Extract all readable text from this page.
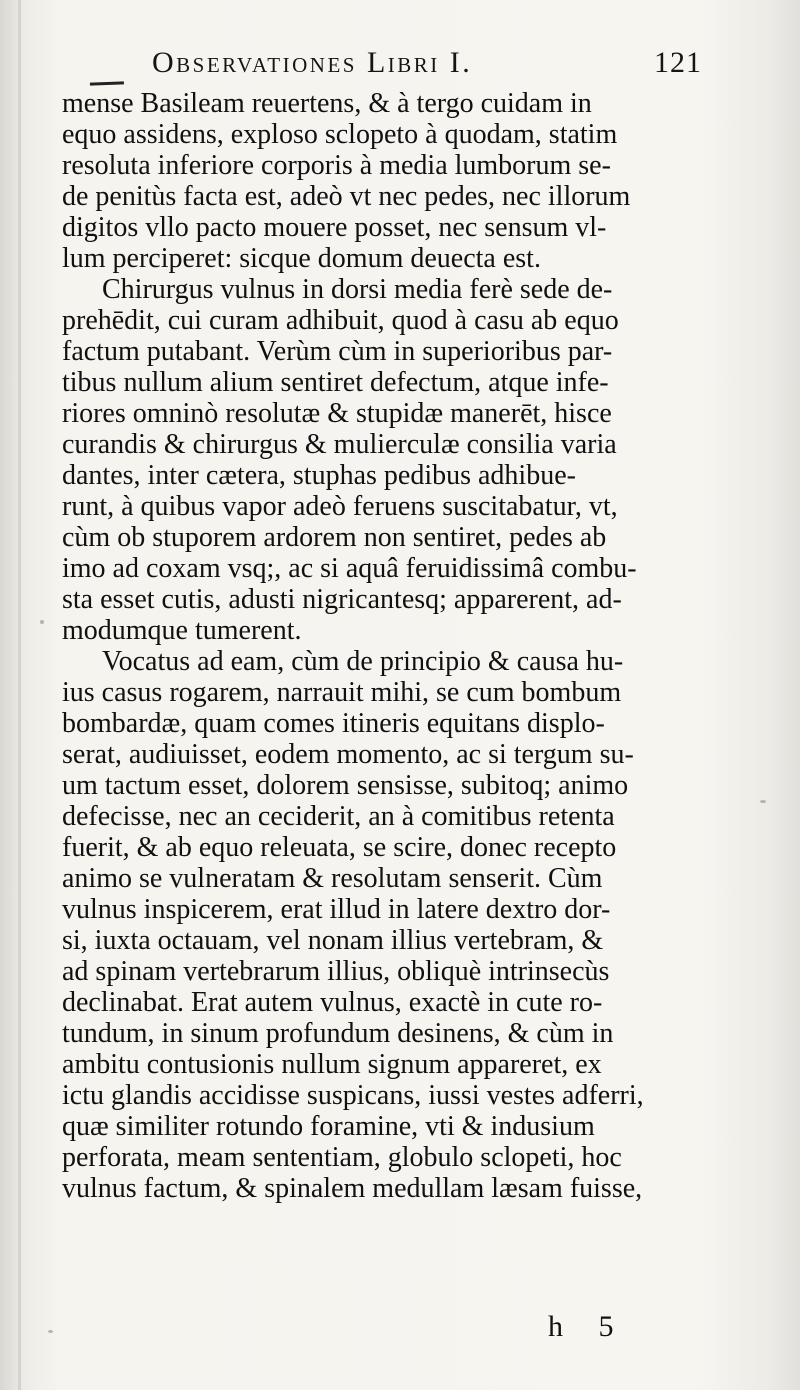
Observationes Libri I.	121

mense Basileam reuertens, & à tergo cuidam in
equo assidens, exploso sclopeto à quodam, statim
resoluta inferiore corporis à media lumborum se-
de penitùs facta est, adeò vt nec pedes, nec illorum
digitos vllo pacto mouere posset, nec sensum vl-
lum perciperet: sicque domum deuecta est.

Chirurgus vulnus in dorsi media ferè sede de-
prehēdit, cui curam adhibuit, quod à casu ab equo
factum putabant. Verùm cùm in superioribus par-
tibus nullum alium sentiret defectum, atque infe-
riores omninò resolutæ & stupidæ manerēt, hisce
curandis & chirurgus & mulierculæ consilia varia
dantes, inter cætera, stuphas pedibus adhibue-
runt, à quibus vapor adeò feruens suscitabatur, vt,
cùm ob stuporem ardorem non sentiret, pedes ab
imo ad coxam vsq;, ac si aquâ feruidissimâ combu-
sta esset cutis, adusti nigricantesq; apparerent, ad-
modumque tumerent.

Vocatus ad eam, cùm de principio & causa hu-
ius casus rogarem, narrauit mihi, se cum bombum
bombardæ, quam comes itineris equitans displo-
serat, audiuisset, eodem momento, ac si tergum su-
um tactum esset, dolorem sensisse, subitoq; animo
defecisse, nec an ceciderit, an à comitibus retenta
fuerit, & ab equo releuata, se scire, donec recepto
animo se vulneratam & resolutam senserit. Cùm
vulnus inspicerem, erat illud in latere dextro dor-
si, iuxta octauam, vel nonam illius vertebram, &
ad spinam vertebrarum illius, obliquè intrinsecùs
declinabat. Erat autem vulnus, exactè in cute ro-
tundum, in sinum profundum desinens, & cùm in
ambitu contusionis nullum signum appareret, ex
ictu glandis accidisse suspicans, iussi vestes adferri,
quæ similiter rotundo foramine, vti & indusium
perforata, meam sententiam, globulo sclopeti, hoc
vulnus factum, & spinalem medullam læsam fuisse,

h 5
